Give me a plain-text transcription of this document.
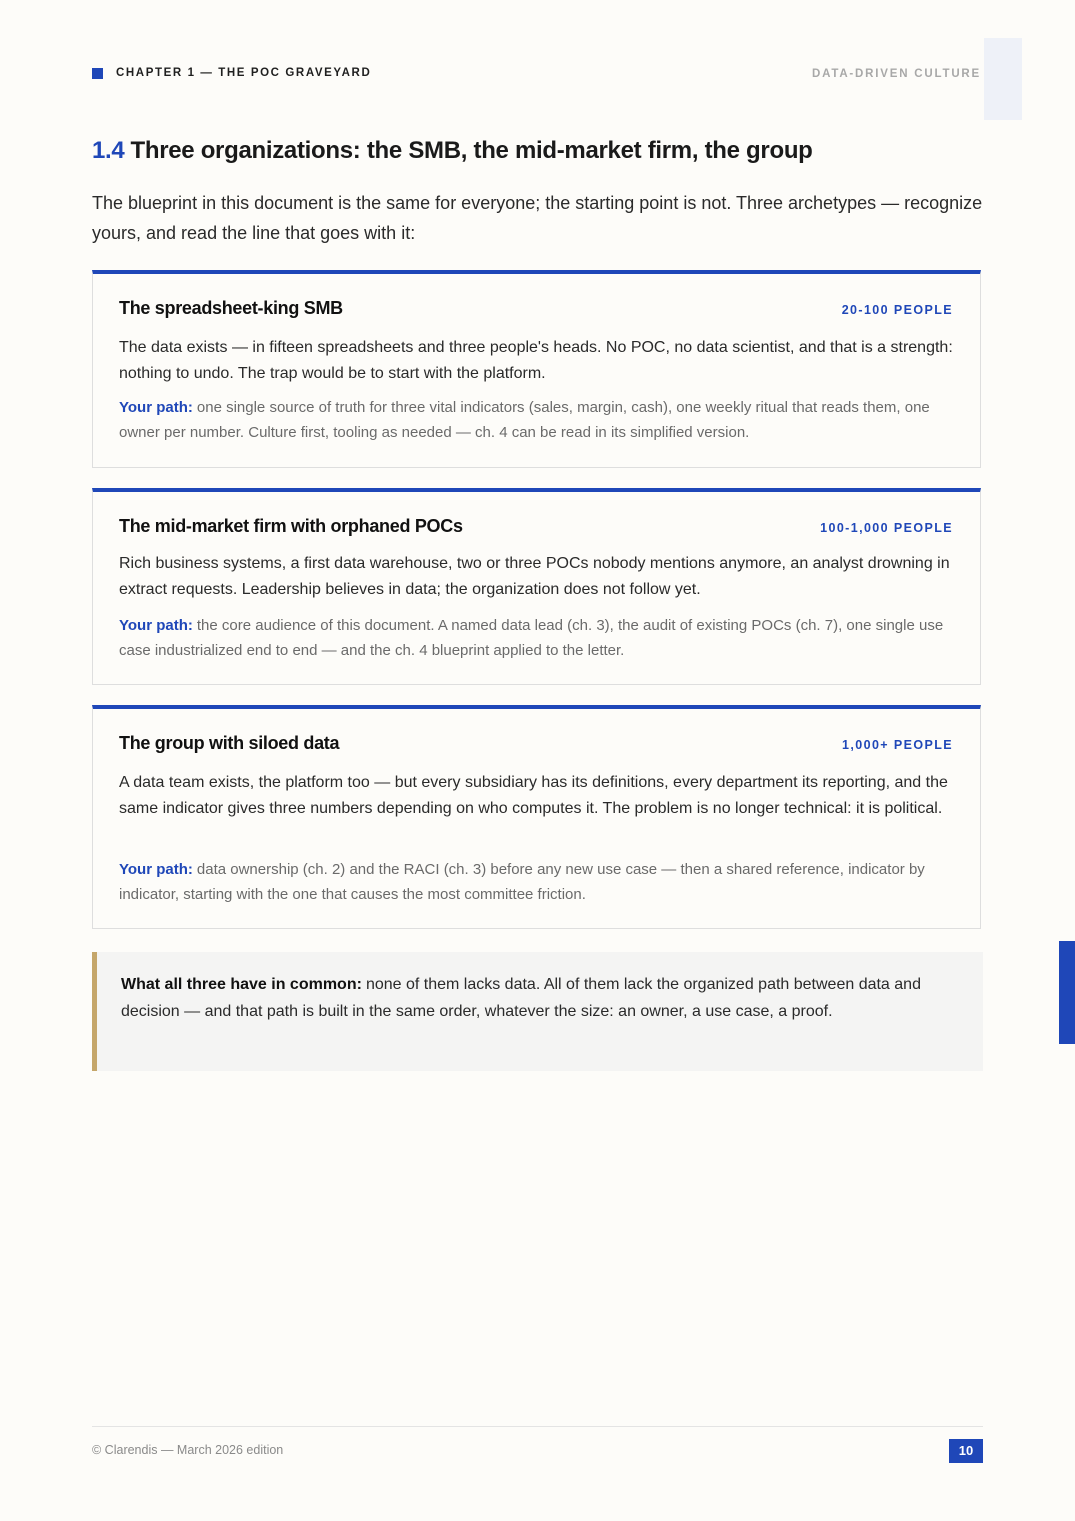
CHAPTER 1 — THE POC GRAVEYARD	DATA-DRIVEN CULTURE
1.4 Three organizations: the SMB, the mid-market firm, the group
The blueprint in this document is the same for everyone; the starting point is not. Three archetypes — recognize yours, and read the line that goes with it:
The spreadsheet-king SMB	20-100 PEOPLE
The data exists — in fifteen spreadsheets and three people's heads. No POC, no data scientist, and that is a strength: nothing to undo. The trap would be to start with the platform.
Your path: one single source of truth for three vital indicators (sales, margin, cash), one weekly ritual that reads them, one owner per number. Culture first, tooling as needed — ch. 4 can be read in its simplified version.
The mid-market firm with orphaned POCs	100-1,000 PEOPLE
Rich business systems, a first data warehouse, two or three POCs nobody mentions anymore, an analyst drowning in extract requests. Leadership believes in data; the organization does not follow yet.
Your path: the core audience of this document. A named data lead (ch. 3), the audit of existing POCs (ch. 7), one single use case industrialized end to end — and the ch. 4 blueprint applied to the letter.
The group with siloed data	1,000+ PEOPLE
A data team exists, the platform too — but every subsidiary has its definitions, every department its reporting, and the same indicator gives three numbers depending on who computes it. The problem is no longer technical: it is political.
Your path: data ownership (ch. 2) and the RACI (ch. 3) before any new use case — then a shared reference, indicator by indicator, starting with the one that causes the most committee friction.
What all three have in common: none of them lacks data. All of them lack the organized path between data and decision — and that path is built in the same order, whatever the size: an owner, a use case, a proof.
© Clarendis — March 2026 edition	10
